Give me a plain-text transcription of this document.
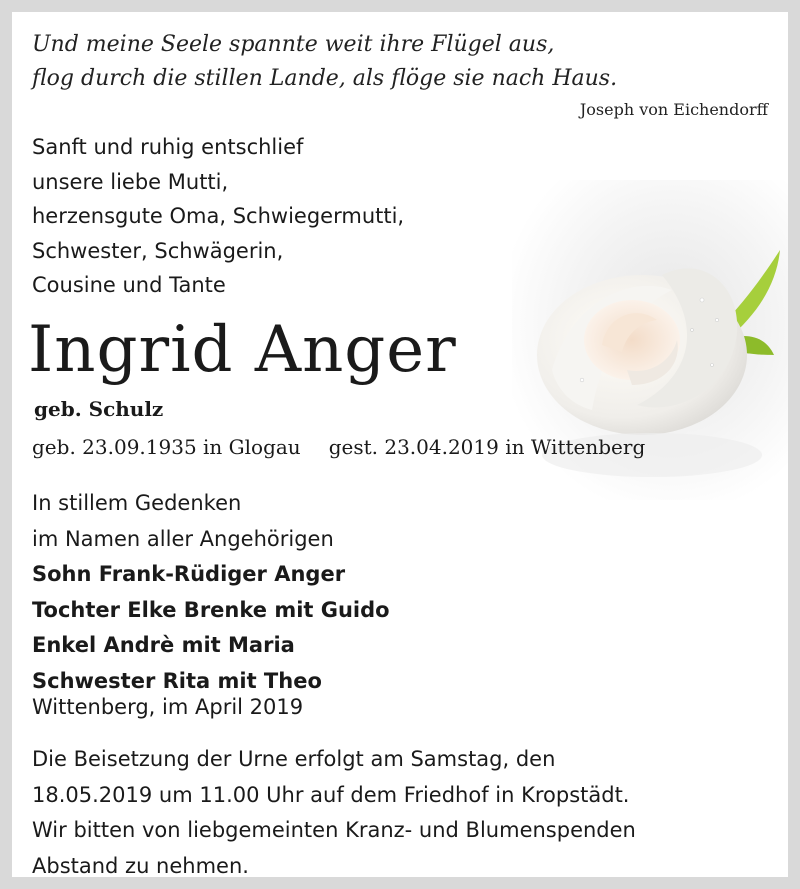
Und meine Seele spannte weit ihre Flügel aus,
flog durch die stillen Lande, als flöge sie nach Haus.
Joseph von Eichendorff
Sanft und ruhig entschlief
unsere liebe Mutti,
herzensgute Oma, Schwiegermutti,
Schwester, Schwägerin,
Cousine und Tante
Ingrid Anger
geb. Schulz
geb. 23.09.1935 in Glogau gest. 23.04.2019 in Wittenberg
In stillem Gedenken
im Namen aller Angehörigen
Sohn Frank-Rüdiger Anger
Tochter Elke Brenke mit Guido
Enkel Andrè mit Maria
Schwester Rita mit Theo
Wittenberg, im April 2019
Die Beisetzung der Urne erfolgt am Samstag, den
18.05.2019 um 11.00 Uhr auf dem Friedhof in Kropstädt.
Wir bitten von liebgemeinten Kranz- und Blumenspenden
Abstand zu nehmen.
